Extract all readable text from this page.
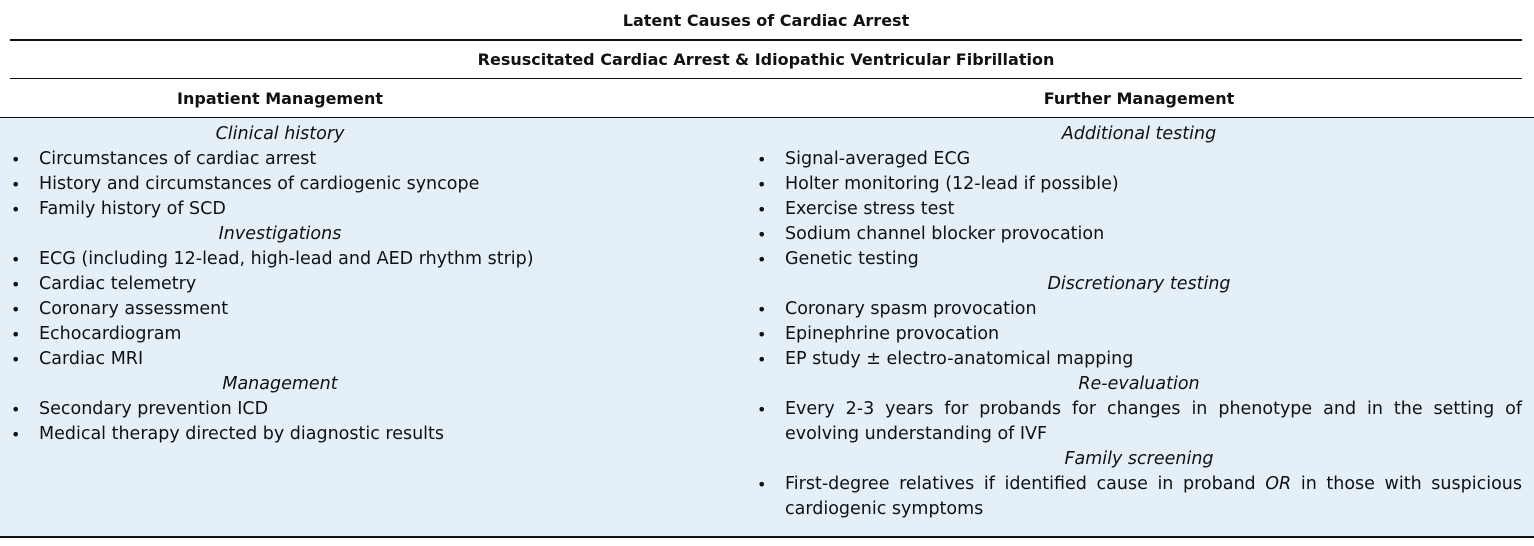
Latent Causes of Cardiac Arrest
Resuscitated Cardiac Arrest & Idiopathic Ventricular Fibrillation
Inpatient Management	Further Management
Clinical history
• Circumstances of cardiac arrest
• History and circumstances of cardiogenic syncope
• Family history of SCD
Investigations
• ECG (including 12-lead, high-lead and AED rhythm strip)
• Cardiac telemetry
• Coronary assessment
• Echocardiogram
• Cardiac MRI
Management
• Secondary prevention ICD
• Medical therapy directed by diagnostic results
Additional testing
• Signal-averaged ECG
• Holter monitoring (12-lead if possible)
• Exercise stress test
• Sodium channel blocker provocation
• Genetic testing
Discretionary testing
• Coronary spasm provocation
• Epinephrine provocation
• EP study ± electro-anatomical mapping
Re-evaluation
• Every 2-3 years for probands for changes in phenotype and in the setting of evolving understanding of IVF
Family screening
• First-degree relatives if identified cause in proband OR in those with suspicious cardiogenic symptoms
